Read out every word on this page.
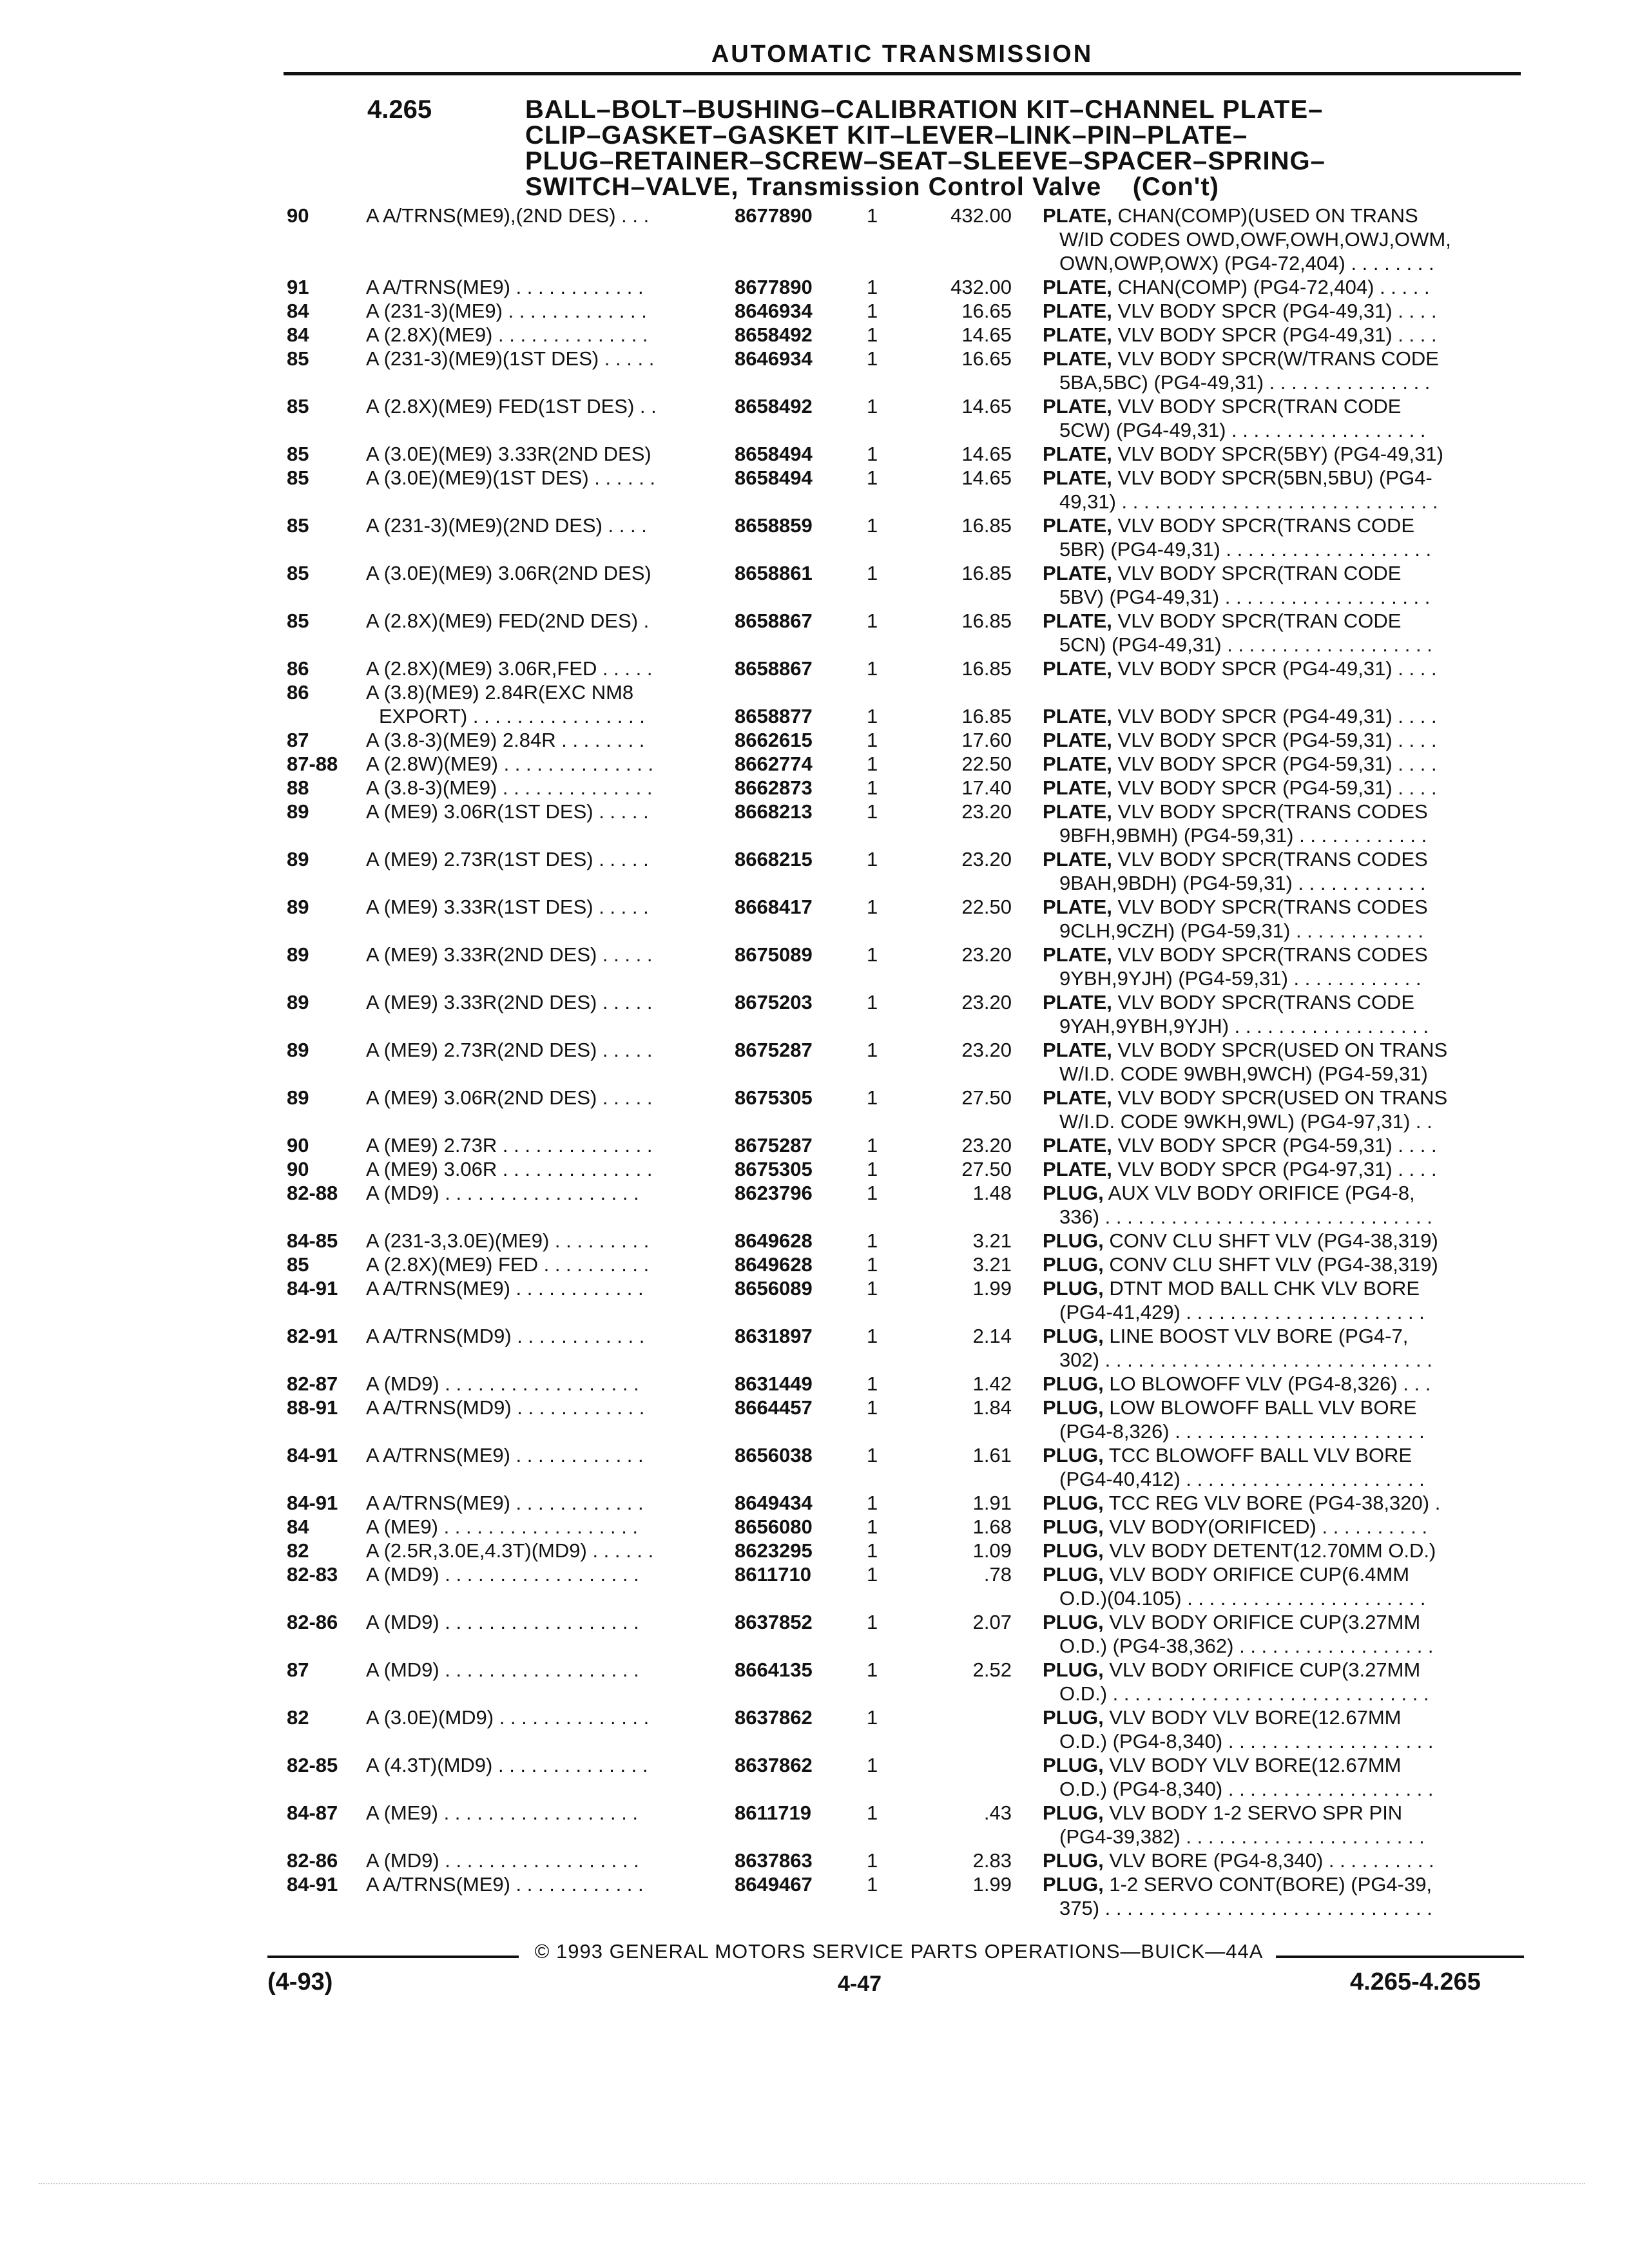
AUTOMATIC TRANSMISSION
4.265	BALL–BOLT–BUSHING–CALIBRATION KIT–CHANNEL PLATE–
CLIP–GASKET–GASKET KIT–LEVER–LINK–PIN–PLATE–
PLUG–RETAINER–SCREW–SEAT–SLEEVE–SPACER–SPRING–
SWITCH–VALVE, Transmission Control Valve (Con't)
90	A A/TRNS(ME9),(2ND DES) . . .	8677890	1	432.00 PLATE, CHAN(COMP)(USED ON TRANS
W/ID CODES OWD,OWF,OWH,OWJ,OWM,
OWN,OWP,OWX) (PG4-72,404) . . . . . . . .
91	A A/TRNS(ME9) . . . . . . . . . . . .	8677890	1	432.00 PLATE, CHAN(COMP) (PG4-72,404) . . . . .
84	A (231-3)(ME9) . . . . . . . . . . . . .	8646934	1	16.65 PLATE, VLV BODY SPCR (PG4-49,31) . . . .
84	A (2.8X)(ME9) . . . . . . . . . . . . . .	8658492	1	14.65 PLATE, VLV BODY SPCR (PG4-49,31) . . . .
85	A (231-3)(ME9)(1ST DES) . . . . .	8646934	1	16.65 PLATE, VLV BODY SPCR(W/TRANS CODE
5BA,5BC) (PG4-49,31) . . . . . . . . . . . . . . .
85	A (2.8X)(ME9) FED(1ST DES) . .	8658492	1	14.65 PLATE, VLV BODY SPCR(TRAN CODE
5CW) (PG4-49,31) . . . . . . . . . . . . . . . . . .
85	A (3.0E)(ME9) 3.33R(2ND DES)	8658494	1	14.65 PLATE, VLV BODY SPCR(5BY) (PG4-49,31)
85	A (3.0E)(ME9)(1ST DES) . . . . . .	8658494	1	14.65 PLATE, VLV BODY SPCR(5BN,5BU) (PG4-
49,31) . . . . . . . . . . . . . . . . . . . . . . . . . . . . .
85	A (231-3)(ME9)(2ND DES) . . . .	8658859	1	16.85 PLATE, VLV BODY SPCR(TRANS CODE
5BR) (PG4-49,31) . . . . . . . . . . . . . . . . . . .
85	A (3.0E)(ME9) 3.06R(2ND DES)	8658861	1	16.85 PLATE, VLV BODY SPCR(TRAN CODE
5BV) (PG4-49,31) . . . . . . . . . . . . . . . . . . .
85	A (2.8X)(ME9) FED(2ND DES) .	8658867	1	16.85 PLATE, VLV BODY SPCR(TRAN CODE
5CN) (PG4-49,31) . . . . . . . . . . . . . . . . . . .
86	A (2.8X)(ME9) 3.06R,FED . . . . .	8658867	1	16.85 PLATE, VLV BODY SPCR (PG4-49,31) . . . .
86	A (3.8)(ME9) 2.84R(EXC NM8
EXPORT) . . . . . . . . . . . . . . . .	8658877	1	16.85 PLATE, VLV BODY SPCR (PG4-49,31) . . . .
87	A (3.8-3)(ME9) 2.84R . . . . . . . .	8662615	1	17.60 PLATE, VLV BODY SPCR (PG4-59,31) . . . .
87-88 A (2.8W)(ME9) . . . . . . . . . . . . . .	8662774	1	22.50 PLATE, VLV BODY SPCR (PG4-59,31) . . . .
88	A (3.8-3)(ME9) . . . . . . . . . . . . . .	8662873	1	17.40 PLATE, VLV BODY SPCR (PG4-59,31) . . . .
89	A (ME9) 3.06R(1ST DES) . . . . .	8668213	1	23.20 PLATE, VLV BODY SPCR(TRANS CODES
9BFH,9BMH) (PG4-59,31) . . . . . . . . . . . .
89	A (ME9) 2.73R(1ST DES) . . . . .	8668215	1	23.20 PLATE, VLV BODY SPCR(TRANS CODES
9BAH,9BDH) (PG4-59,31) . . . . . . . . . . . .
89	A (ME9) 3.33R(1ST DES) . . . . .	8668417	1	22.50 PLATE, VLV BODY SPCR(TRANS CODES
9CLH,9CZH) (PG4-59,31) . . . . . . . . . . . .
89	A (ME9) 3.33R(2ND DES) . . . . .	8675089	1	23.20 PLATE, VLV BODY SPCR(TRANS CODES
9YBH,9YJH) (PG4-59,31) . . . . . . . . . . . .
89	A (ME9) 3.33R(2ND DES) . . . . .	8675203	1	23.20 PLATE, VLV BODY SPCR(TRANS CODE
9YAH,9YBH,9YJH) . . . . . . . . . . . . . . . . . .
89	A (ME9) 2.73R(2ND DES) . . . . .	8675287	1	23.20 PLATE, VLV BODY SPCR(USED ON TRANS
W/I.D. CODE 9WBH,9WCH) (PG4-59,31)
89	A (ME9) 3.06R(2ND DES) . . . . .	8675305	1	27.50 PLATE, VLV BODY SPCR(USED ON TRANS
W/I.D. CODE 9WKH,9WL) (PG4-97,31) . .
90	A (ME9) 2.73R . . . . . . . . . . . . . .	8675287	1	23.20 PLATE, VLV BODY SPCR (PG4-59,31) . . . .
90	A (ME9) 3.06R . . . . . . . . . . . . . .	8675305	1	27.50 PLATE, VLV BODY SPCR (PG4-97,31) . . . .
82-88 A (MD9) . . . . . . . . . . . . . . . . . .	8623796	1	1.48 PLUG, AUX VLV BODY ORIFICE (PG4-8,
336) . . . . . . . . . . . . . . . . . . . . . . . . . . . . . .
84-85 A (231-3,3.0E)(ME9) . . . . . . . . .	8649628	1	3.21 PLUG, CONV CLU SHFT VLV (PG4-38,319)
85	A (2.8X)(ME9) FED . . . . . . . . . .	8649628	1	3.21 PLUG, CONV CLU SHFT VLV (PG4-38,319)
84-91 A A/TRNS(ME9) . . . . . . . . . . . .	8656089	1	1.99 PLUG, DTNT MOD BALL CHK VLV BORE
(PG4-41,429) . . . . . . . . . . . . . . . . . . . . . .
82-91 A A/TRNS(MD9) . . . . . . . . . . . .	8631897	1	2.14 PLUG, LINE BOOST VLV BORE (PG4-7,
302) . . . . . . . . . . . . . . . . . . . . . . . . . . . . . .
82-87 A (MD9) . . . . . . . . . . . . . . . . . .	8631449	1	1.42 PLUG, LO BLOWOFF VLV (PG4-8,326) . . .
88-91 A A/TRNS(MD9) . . . . . . . . . . . .	8664457	1	1.84 PLUG, LOW BLOWOFF BALL VLV BORE
(PG4-8,326) . . . . . . . . . . . . . . . . . . . . . . .
84-91 A A/TRNS(ME9) . . . . . . . . . . . .	8656038	1	1.61 PLUG, TCC BLOWOFF BALL VLV BORE
(PG4-40,412) . . . . . . . . . . . . . . . . . . . . . .
84-91 A A/TRNS(ME9) . . . . . . . . . . . .	8649434	1	1.91 PLUG, TCC REG VLV BORE (PG4-38,320) .
84	A (ME9) . . . . . . . . . . . . . . . . . .	8656080	1	1.68 PLUG, VLV BODY(ORIFICED) . . . . . . . . . .
82	A (2.5R,3.0E,4.3T)(MD9) . . . . . .	8623295	1	1.09 PLUG, VLV BODY DETENT(12.70MM O.D.)
82-83 A (MD9) . . . . . . . . . . . . . . . . . .	8611710	1	.78 PLUG, VLV BODY ORIFICE CUP(6.4MM
O.D.)(04.105) . . . . . . . . . . . . . . . . . . . . . .
82-86 A (MD9) . . . . . . . . . . . . . . . . . .	8637852	1	2.07 PLUG, VLV BODY ORIFICE CUP(3.27MM
O.D.) (PG4-38,362) . . . . . . . . . . . . . . . . . .
87	A (MD9) . . . . . . . . . . . . . . . . . .	8664135	1	2.52 PLUG, VLV BODY ORIFICE CUP(3.27MM
O.D.) . . . . . . . . . . . . . . . . . . . . . . . . . . . . .
82	A (3.0E)(MD9) . . . . . . . . . . . . . .	8637862	1	PLUG, VLV BODY VLV BORE(12.67MM
O.D.) (PG4-8,340) . . . . . . . . . . . . . . . . . . .
82-85 A (4.3T)(MD9) . . . . . . . . . . . . . .	8637862	1	PLUG, VLV BODY VLV BORE(12.67MM
O.D.) (PG4-8,340) . . . . . . . . . . . . . . . . . . .
84-87 A (ME9) . . . . . . . . . . . . . . . . . .	8611719	1	.43 PLUG, VLV BODY 1-2 SERVO SPR PIN
(PG4-39,382) . . . . . . . . . . . . . . . . . . . . . .
82-86 A (MD9) . . . . . . . . . . . . . . . . . .	8637863	1	2.83 PLUG, VLV BORE (PG4-8,340) . . . . . . . . . .
84-91 A A/TRNS(ME9) . . . . . . . . . . . .	8649467	1	1.99 PLUG, 1-2 SERVO CONT(BORE) (PG4-39,
375) . . . . . . . . . . . . . . . . . . . . . . . . . . . . . .
© 1993 GENERAL MOTORS SERVICE PARTS OPERATIONS—BUICK—44A
(4-93)	4-47	4.265-4.265
